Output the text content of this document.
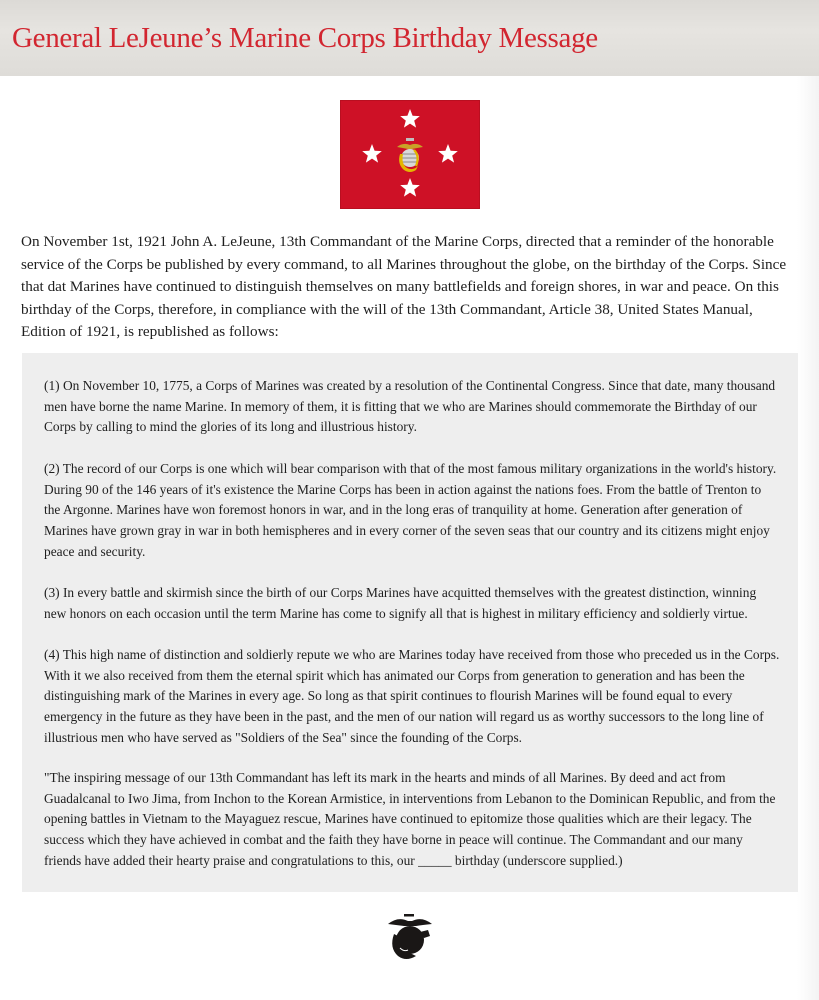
General LeJeune’s Marine Corps Birthday Message

On November 1st, 1921 John A. LeJeune, 13th Commandant of the Marine Corps, directed that a reminder of the honorable service of the Corps be published by every command, to all Marines throughout the globe, on the birthday of the Corps. Since that dat Marines have continued to distinguish themselves on many battlefields and foreign shores, in war and peace. On this birthday of the Corps, therefore, in compliance with the will of the 13th Commandant, Article 38, United States Manual, Edition of 1921, is republished as follows:

(1) On November 10, 1775, a Corps of Marines was created by a resolution of the Continental Congress. Since that date, many thousand men have borne the name Marine. In memory of them, it is fitting that we who are Marines should commemorate the Birthday of our Corps by calling to mind the glories of its long and illustrious history.

(2) The record of our Corps is one which will bear comparison with that of the most famous military organizations in the world's history. During 90 of the 146 years of it's existence the Marine Corps has been in action against the nations foes. From the battle of Trenton to the Argonne. Marines have won foremost honors in war, and in the long eras of tranquility at home. Generation after generation of Marines have grown gray in war in both hemispheres and in every corner of the seven seas that our country and its citizens might enjoy peace and security.

(3) In every battle and skirmish since the birth of our Corps Marines have acquitted themselves with the greatest distinction, winning new honors on each occasion until the term Marine has come to signify all that is highest in military efficiency and soldierly virtue.

(4) This high name of distinction and soldierly repute we who are Marines today have received from those who preceded us in the Corps. With it we also received from them the eternal spirit which has animated our Corps from generation to generation and has been the distinguishing mark of the Marines in every age. So long as that spirit continues to flourish Marines will be found equal to every emergency in the future as they have been in the past, and the men of our nation will regard us as worthy successors to the long line of illustrious men who have served as "Soldiers of the Sea" since the founding of the Corps.

"The inspiring message of our 13th Commandant has left its mark in the hearts and minds of all Marines. By deed and act from Guadalcanal to Iwo Jima, from Inchon to the Korean Armistice, in interventions from Lebanon to the Dominican Republic, and from the opening battles in Vietnam to the Mayaguez rescue, Marines have continued to epitomize those qualities which are their legacy. The success which they have achieved in combat and the faith they have borne in peace will continue. The Commandant and our many friends have added their hearty praise and congratulations to this, our _____ birthday (underscore supplied.)
